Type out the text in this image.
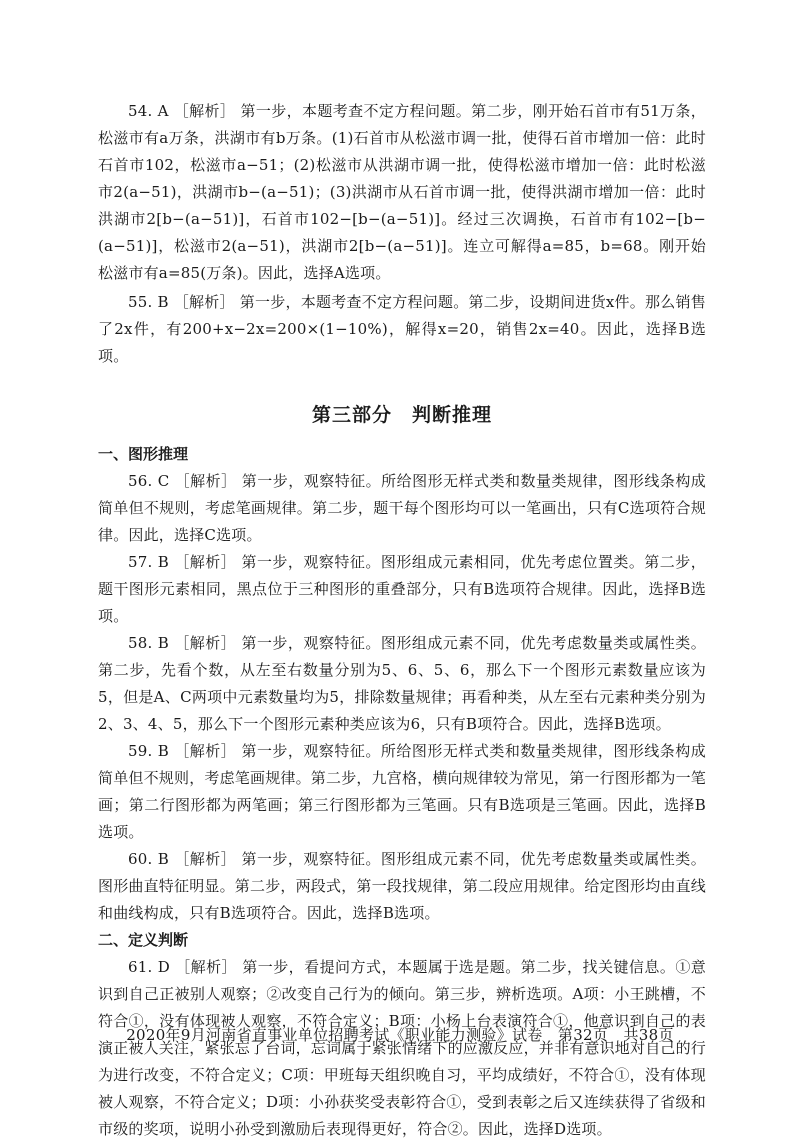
54. A ［解析］ 第一步，本题考查不定方程问题。第二步，刚开始石首市有51万条，松滋市有a万条，洪湖市有b万条。(1)石首市从松滋市调一批，使得石首市增加一倍：此时石首市102，松滋市a−51；(2)松滋市从洪湖市调一批，使得松滋市增加一倍：此时松滋市2(a−51)，洪湖市b−(a−51)；(3)洪湖市从石首市调一批，使得洪湖市增加一倍：此时洪湖市2[b−(a−51)]，石首市102−[b−(a−51)]。经过三次调换，石首市有102−[b−(a−51)]，松滋市2(a−51)，洪湖市2[b−(a−51)]。连立可解得a=85，b=68。刚开始松滋市有a=85(万条)。因此，选择A选项。

55. B ［解析］ 第一步，本题考查不定方程问题。第二步，设期间进货x件。那么销售了2x件，有200+x−2x=200×(1−10%)，解得x=20，销售2x=40。因此，选择B选项。

第三部分　判断推理

一、图形推理

56. C ［解析］ 第一步，观察特征。所给图形无样式类和数量类规律，图形线条构成简单但不规则，考虑笔画规律。第二步，题干每个图形均可以一笔画出，只有C选项符合规律。因此，选择C选项。

57. B ［解析］ 第一步，观察特征。图形组成元素相同，优先考虑位置类。第二步，题干图形元素相同，黑点位于三种图形的重叠部分，只有B选项符合规律。因此，选择B选项。

58. B ［解析］ 第一步，观察特征。图形组成元素不同，优先考虑数量类或属性类。第二步，先看个数，从左至右数量分别为5、6、5、6，那么下一个图形元素数量应该为5，但是A、C两项中元素数量均为5，排除数量规律；再看种类，从左至右元素种类分别为2、3、4、5，那么下一个图形元素种类应该为6，只有B项符合。因此，选择B选项。

59. B ［解析］ 第一步，观察特征。所给图形无样式类和数量类规律，图形线条构成简单但不规则，考虑笔画规律。第二步，九宫格，横向规律较为常见，第一行图形都为一笔画；第二行图形都为两笔画；第三行图形都为三笔画。只有B选项是三笔画。因此，选择B选项。

60. B ［解析］ 第一步，观察特征。图形组成元素不同，优先考虑数量类或属性类。图形曲直特征明显。第二步，两段式，第一段找规律，第二段应用规律。给定图形均由直线和曲线构成，只有B选项符合。因此，选择B选项。

二、定义判断

61. D ［解析］ 第一步，看提问方式，本题属于选是题。第二步，找关键信息。①意识到自己正被别人观察；②改变自己行为的倾向。第三步，辨析选项。A项：小王跳槽，不符合①，没有体现被人观察，不符合定义；B项：小杨上台表演符合①，他意识到自己的表演正被人关注，紧张忘了台词，忘词属于紧张情绪下的应激反应，并非有意识地对自己的行为进行改变，不符合定义；C项：甲班每天组织晚自习，平均成绩好，不符合①，没有体现被人观察，不符合定义；D项：小孙获奖受表彰符合①，受到表彰之后又连续获得了省级和市级的奖项，说明小孙受到激励后表现得更好，符合②。因此，选择D选项。

2020年9月河南省直事业单位招聘考试《职业能力测验》试卷　第32页　共38页
